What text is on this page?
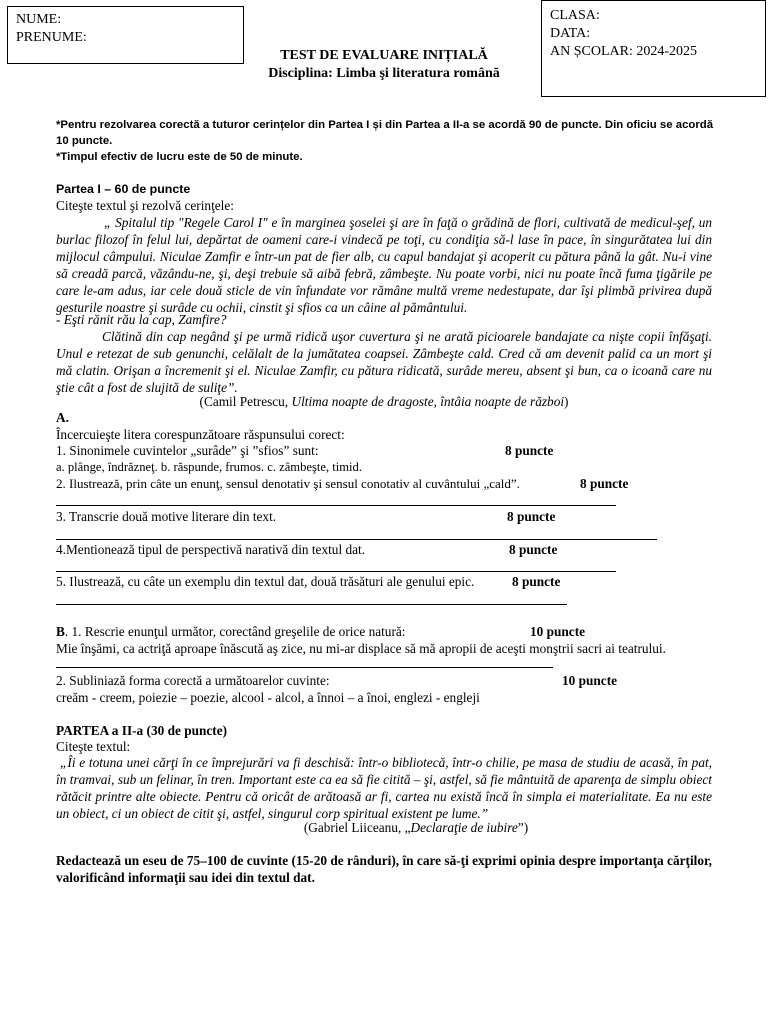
NUME:
PRENUME:
CLASA:
DATA:
AN ȘCOLAR: 2024-2025
TEST DE EVALUARE INIȚIALĂ
Disciplina: Limba şi literatura română
*Pentru rezolvarea corectă a tuturor cerințelor din Partea I și din Partea a II-a se acordă 90 de puncte. Din oficiu se acordă 10 puncte.
*Timpul efectiv de lucru este de 50 de minute.
Partea I – 60 de puncte
Citeşte textul şi rezolvă cerinţele:
„ Spitalul tip "Regele Carol I" e în marginea şoselei şi are în faţă o grădină de flori, cultivată de medicul-şef, un burlac filozof în felul lui, depărtat de oameni care-i vindecă pe toţi, cu condiţia să-l lase în pace, în singurătatea lui din mijlocul câmpului. Niculae Zamfir e într-un pat de fier alb, cu capul bandajat şi acoperit cu pătura până la gât. Nu-i vine să creadă parcă, văzându-ne, şi, deşi trebuie să aibă febră, zâmbeşte. Nu poate vorbi, nici nu poate încă fuma ţigările pe care le-am adus, iar cele două sticle de vin înfundate vor rămâne multă vreme nedestupate, dar îşi plimbă privirea după gesturile noastre şi surâde cu ochii, cinstit şi sfios ca un câine al pământului.
- Eşti rănit rău la cap, Zamfire?
Clătină din cap negând şi pe urmă ridică uşor cuvertura şi ne arată picioarele bandajate ca nişte copii înfăşaţi. Unul e retezat de sub genunchi, celălalt de la jumătatea coapsei. Zâmbeşte cald. Cred că am devenit palid ca un mort şi mă clatin. Orişan a încremenit şi el. Niculae Zamfir, cu pătura ridicată, surâde mereu, absent şi bun, ca o icoană care nu ştie cât a fost de slujită de suliţe”.
(Camil Petrescu, Ultima noapte de dragoste, întâia noapte de război)
A.
Încercuieşte litera corespunzătoare răspunsului corect:
1. Sinonimele cuvintelor „surâde” şi ”sfios” sunt:	8 puncte
a. plânge, îndrăzneţ. b. răspunde, frumos. c. zâmbeşte, timid.
2. Ilustrează, prin câte un enunţ, sensul denotativ şi sensul conotativ al cuvântului „cald”.	8 puncte
3. Transcrie două motive literare din text.	8 puncte
4.Mentionează tipul de perspectivă narativă din textul dat.	8 puncte
5. Ilustrează, cu câte un exemplu din textul dat, două trăsături ale genului epic.	8 puncte
B. 1. Rescrie enunţul următor, corectând greşelile de orice natură:	10 puncte
Mie înşămi, ca actriţă aproape înăscută aş zice, nu mi-ar displace să mă apropii de aceşti monştrii sacri ai teatrului.
2. Subliniază forma corectă a următoarelor cuvinte:	10 puncte
creăm - creem, poiezie – poezie, alcool - alcol, a înnoi – a înoi, englezi - engleji
PARTEA a II-a (30 de puncte)
Citeşte textul:
„Îi e totuna unei cărţi în ce împrejurări va fi deschisă: într-o bibliotecă, într-o chilie, pe masa de studiu de acasă, în pat, în tramvai, sub un felinar, în tren. Important este ca ea să fie citită – şi, astfel, să fie mântuită de aparenţa de simplu obiect rătăcit printre alte obiecte. Pentru că oricât de arătoasă ar fi, cartea nu există încă în simpla ei materialitate. Ea nu este un obiect, ci un obiect de citit şi, astfel, singurul corp spiritual existent pe lume.”
(Gabriel Liiceanu, „Declaraţie de iubire”)
Redactează un eseu de 75–100 de cuvinte (15-20 de rânduri), în care să-ţi exprimi opinia despre importanţa cărţilor, valorificând informaţii sau idei din textul dat.
